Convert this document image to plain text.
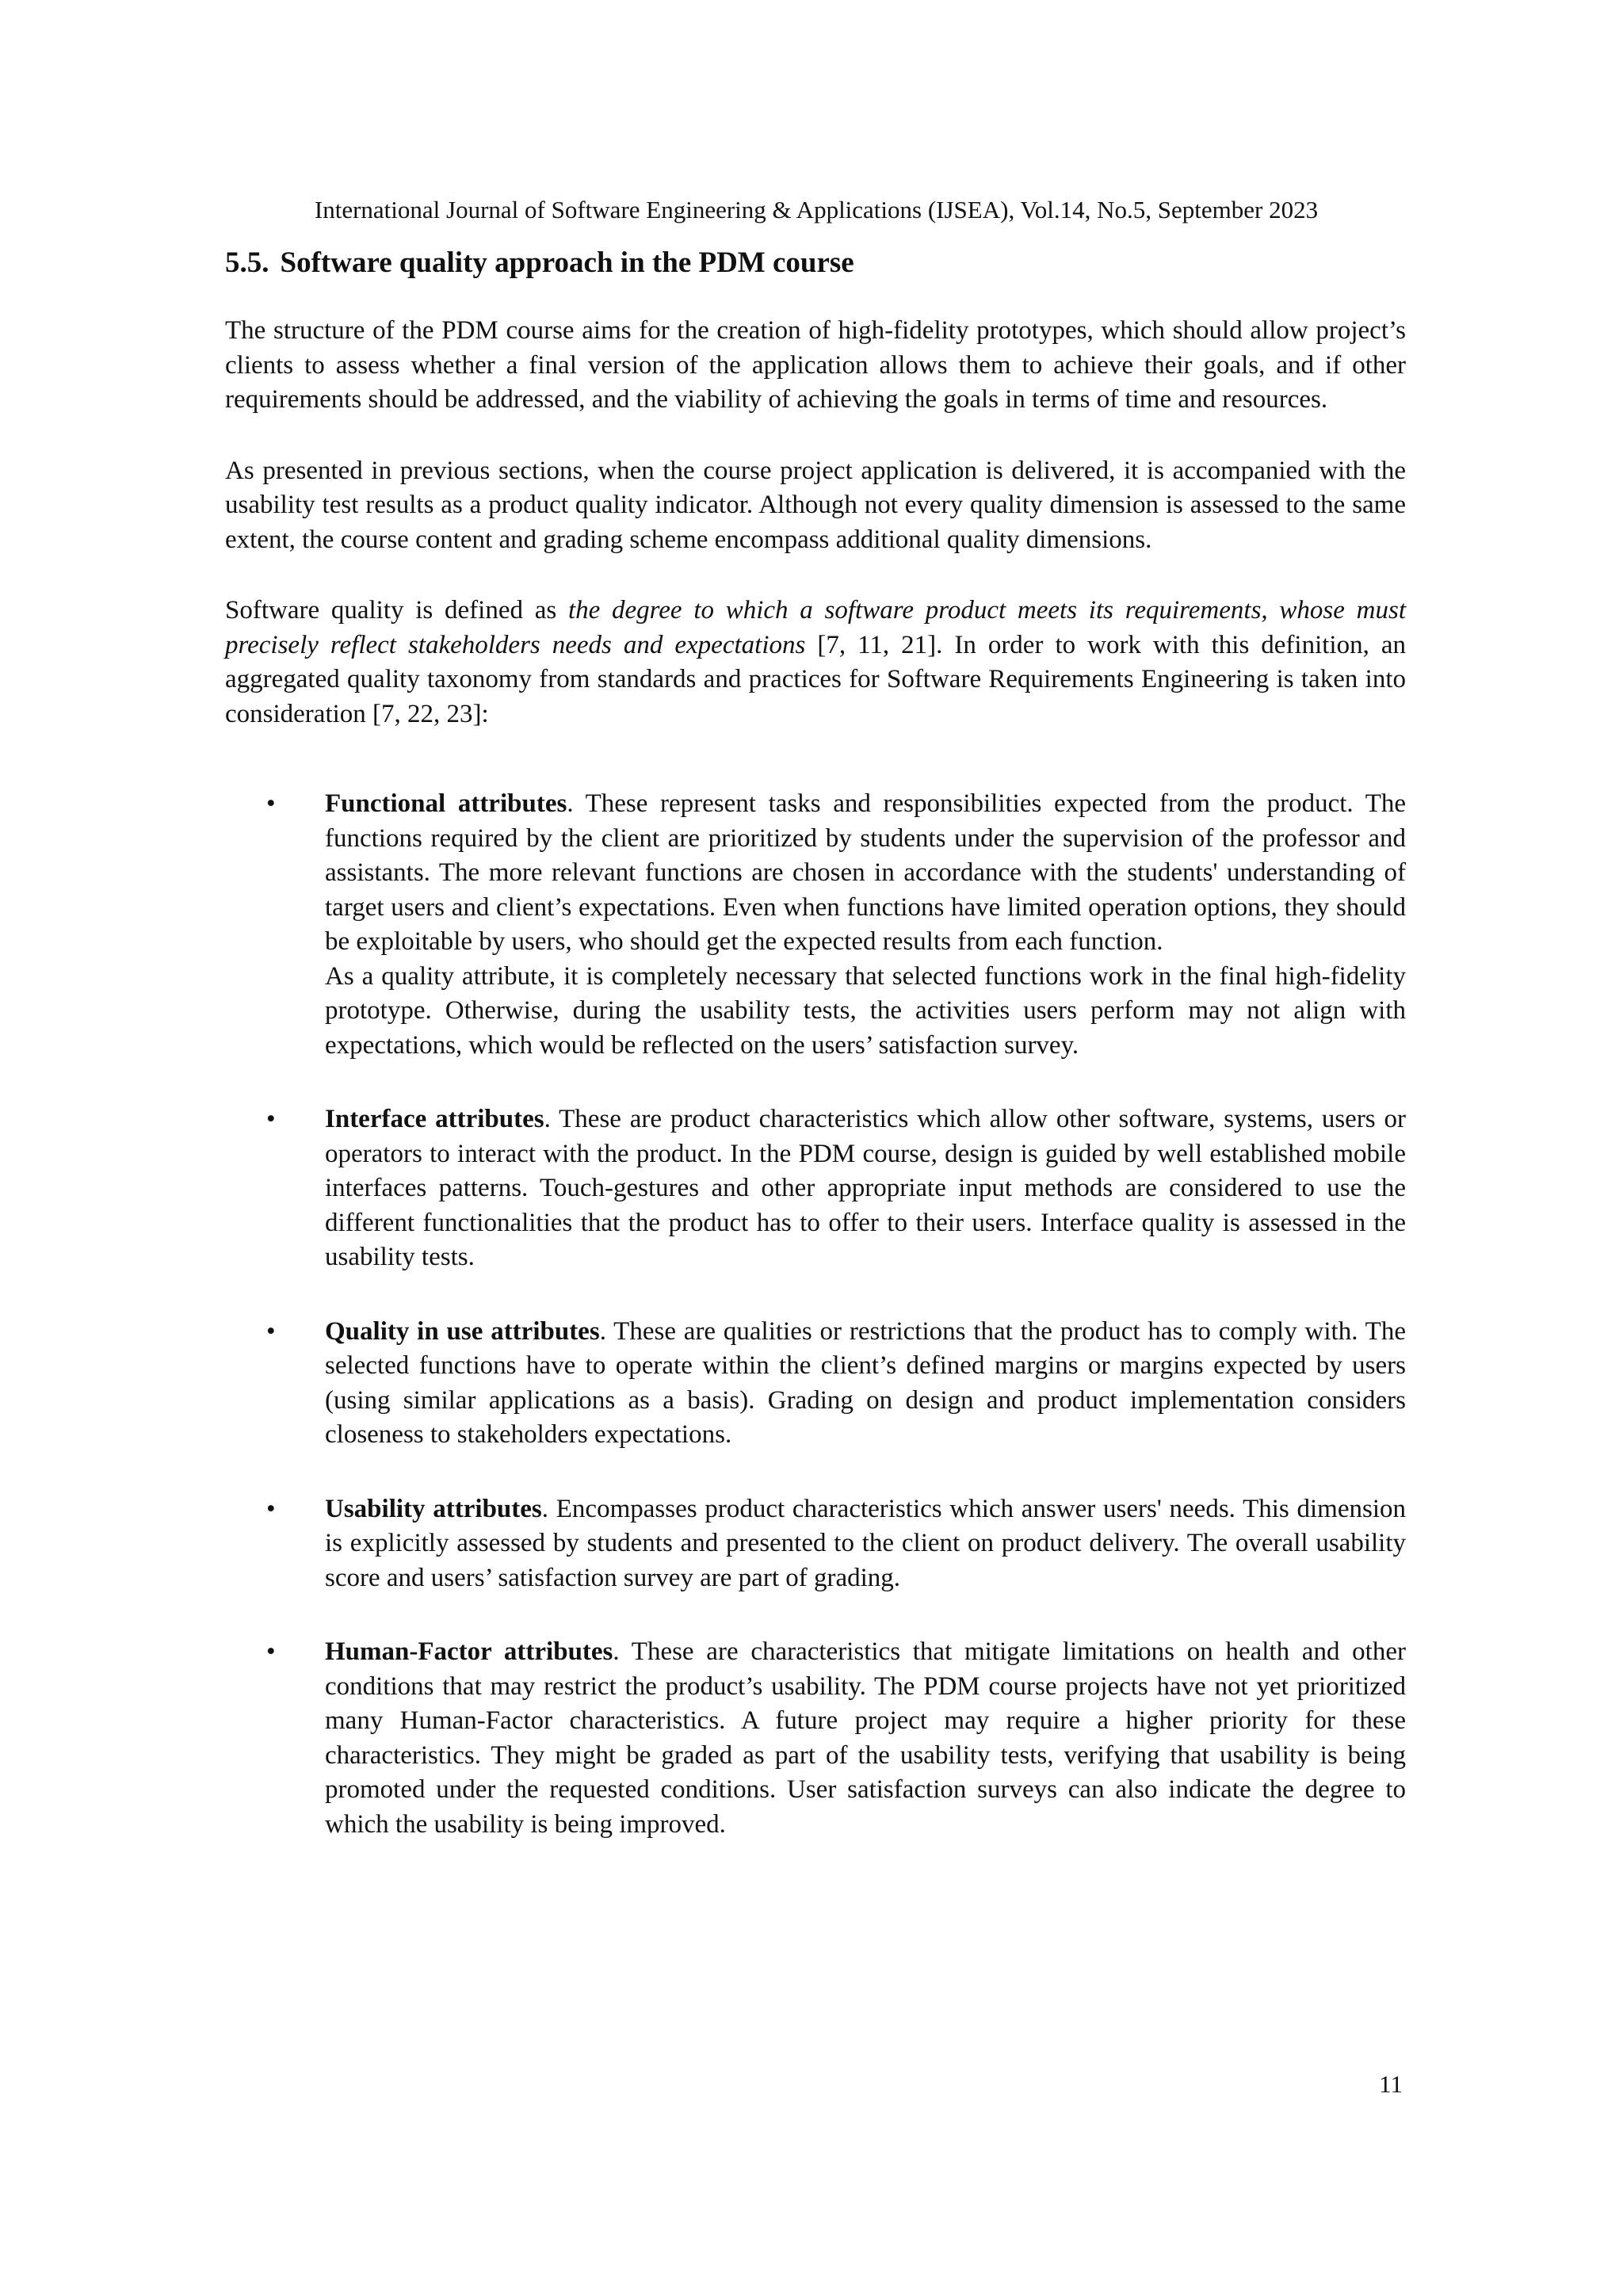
International Journal of Software Engineering & Applications (IJSEA), Vol.14, No.5, September 2023
5.5. Software quality approach in the PDM course

The structure of the PDM course aims for the creation of high-fidelity prototypes, which should allow project’s clients to assess whether a final version of the application allows them to achieve their goals, and if other requirements should be addressed, and the viability of achieving the goals in terms of time and resources.

As presented in previous sections, when the course project application is delivered, it is accompanied with the usability test results as a product quality indicator. Although not every quality dimension is assessed to the same extent, the course content and grading scheme encompass additional quality dimensions.

Software quality is defined as the degree to which a software product meets its requirements, whose must precisely reflect stakeholders needs and expectations [7, 11, 21]. In order to work with this definition, an aggregated quality taxonomy from standards and practices for Software Requirements Engineering is taken into consideration [7, 22, 23]:

• Functional attributes. These represent tasks and responsibilities expected from the product. The functions required by the client are prioritized by students under the supervision of the professor and assistants. The more relevant functions are chosen in accordance with the students' understanding of target users and client’s expectations. Even when functions have limited operation options, they should be exploitable by users, who should get the expected results from each function.

As a quality attribute, it is completely necessary that selected functions work in the final high-fidelity prototype. Otherwise, during the usability tests, the activities users perform may not align with expectations, which would be reflected on the users’ satisfaction survey.

• Interface attributes. These are product characteristics which allow other software, systems, users or operators to interact with the product. In the PDM course, design is guided by well established mobile interfaces patterns. Touch-gestures and other appropriate input methods are considered to use the different functionalities that the product has to offer to their users. Interface quality is assessed in the usability tests.

• Quality in use attributes. These are qualities or restrictions that the product has to comply with. The selected functions have to operate within the client’s defined margins or margins expected by users (using similar applications as a basis). Grading on design and product implementation considers closeness to stakeholders expectations.

• Usability attributes. Encompasses product characteristics which answer users' needs. This dimension is explicitly assessed by students and presented to the client on product delivery. The overall usability score and users’ satisfaction survey are part of grading.

• Human-Factor attributes. These are characteristics that mitigate limitations on health and other conditions that may restrict the product’s usability. The PDM course projects have not yet prioritized many Human-Factor characteristics. A future project may require a higher priority for these characteristics. They might be graded as part of the usability tests, verifying that usability is being promoted under the requested conditions. User satisfaction surveys can also indicate the degree to which the usability is being improved.

11
